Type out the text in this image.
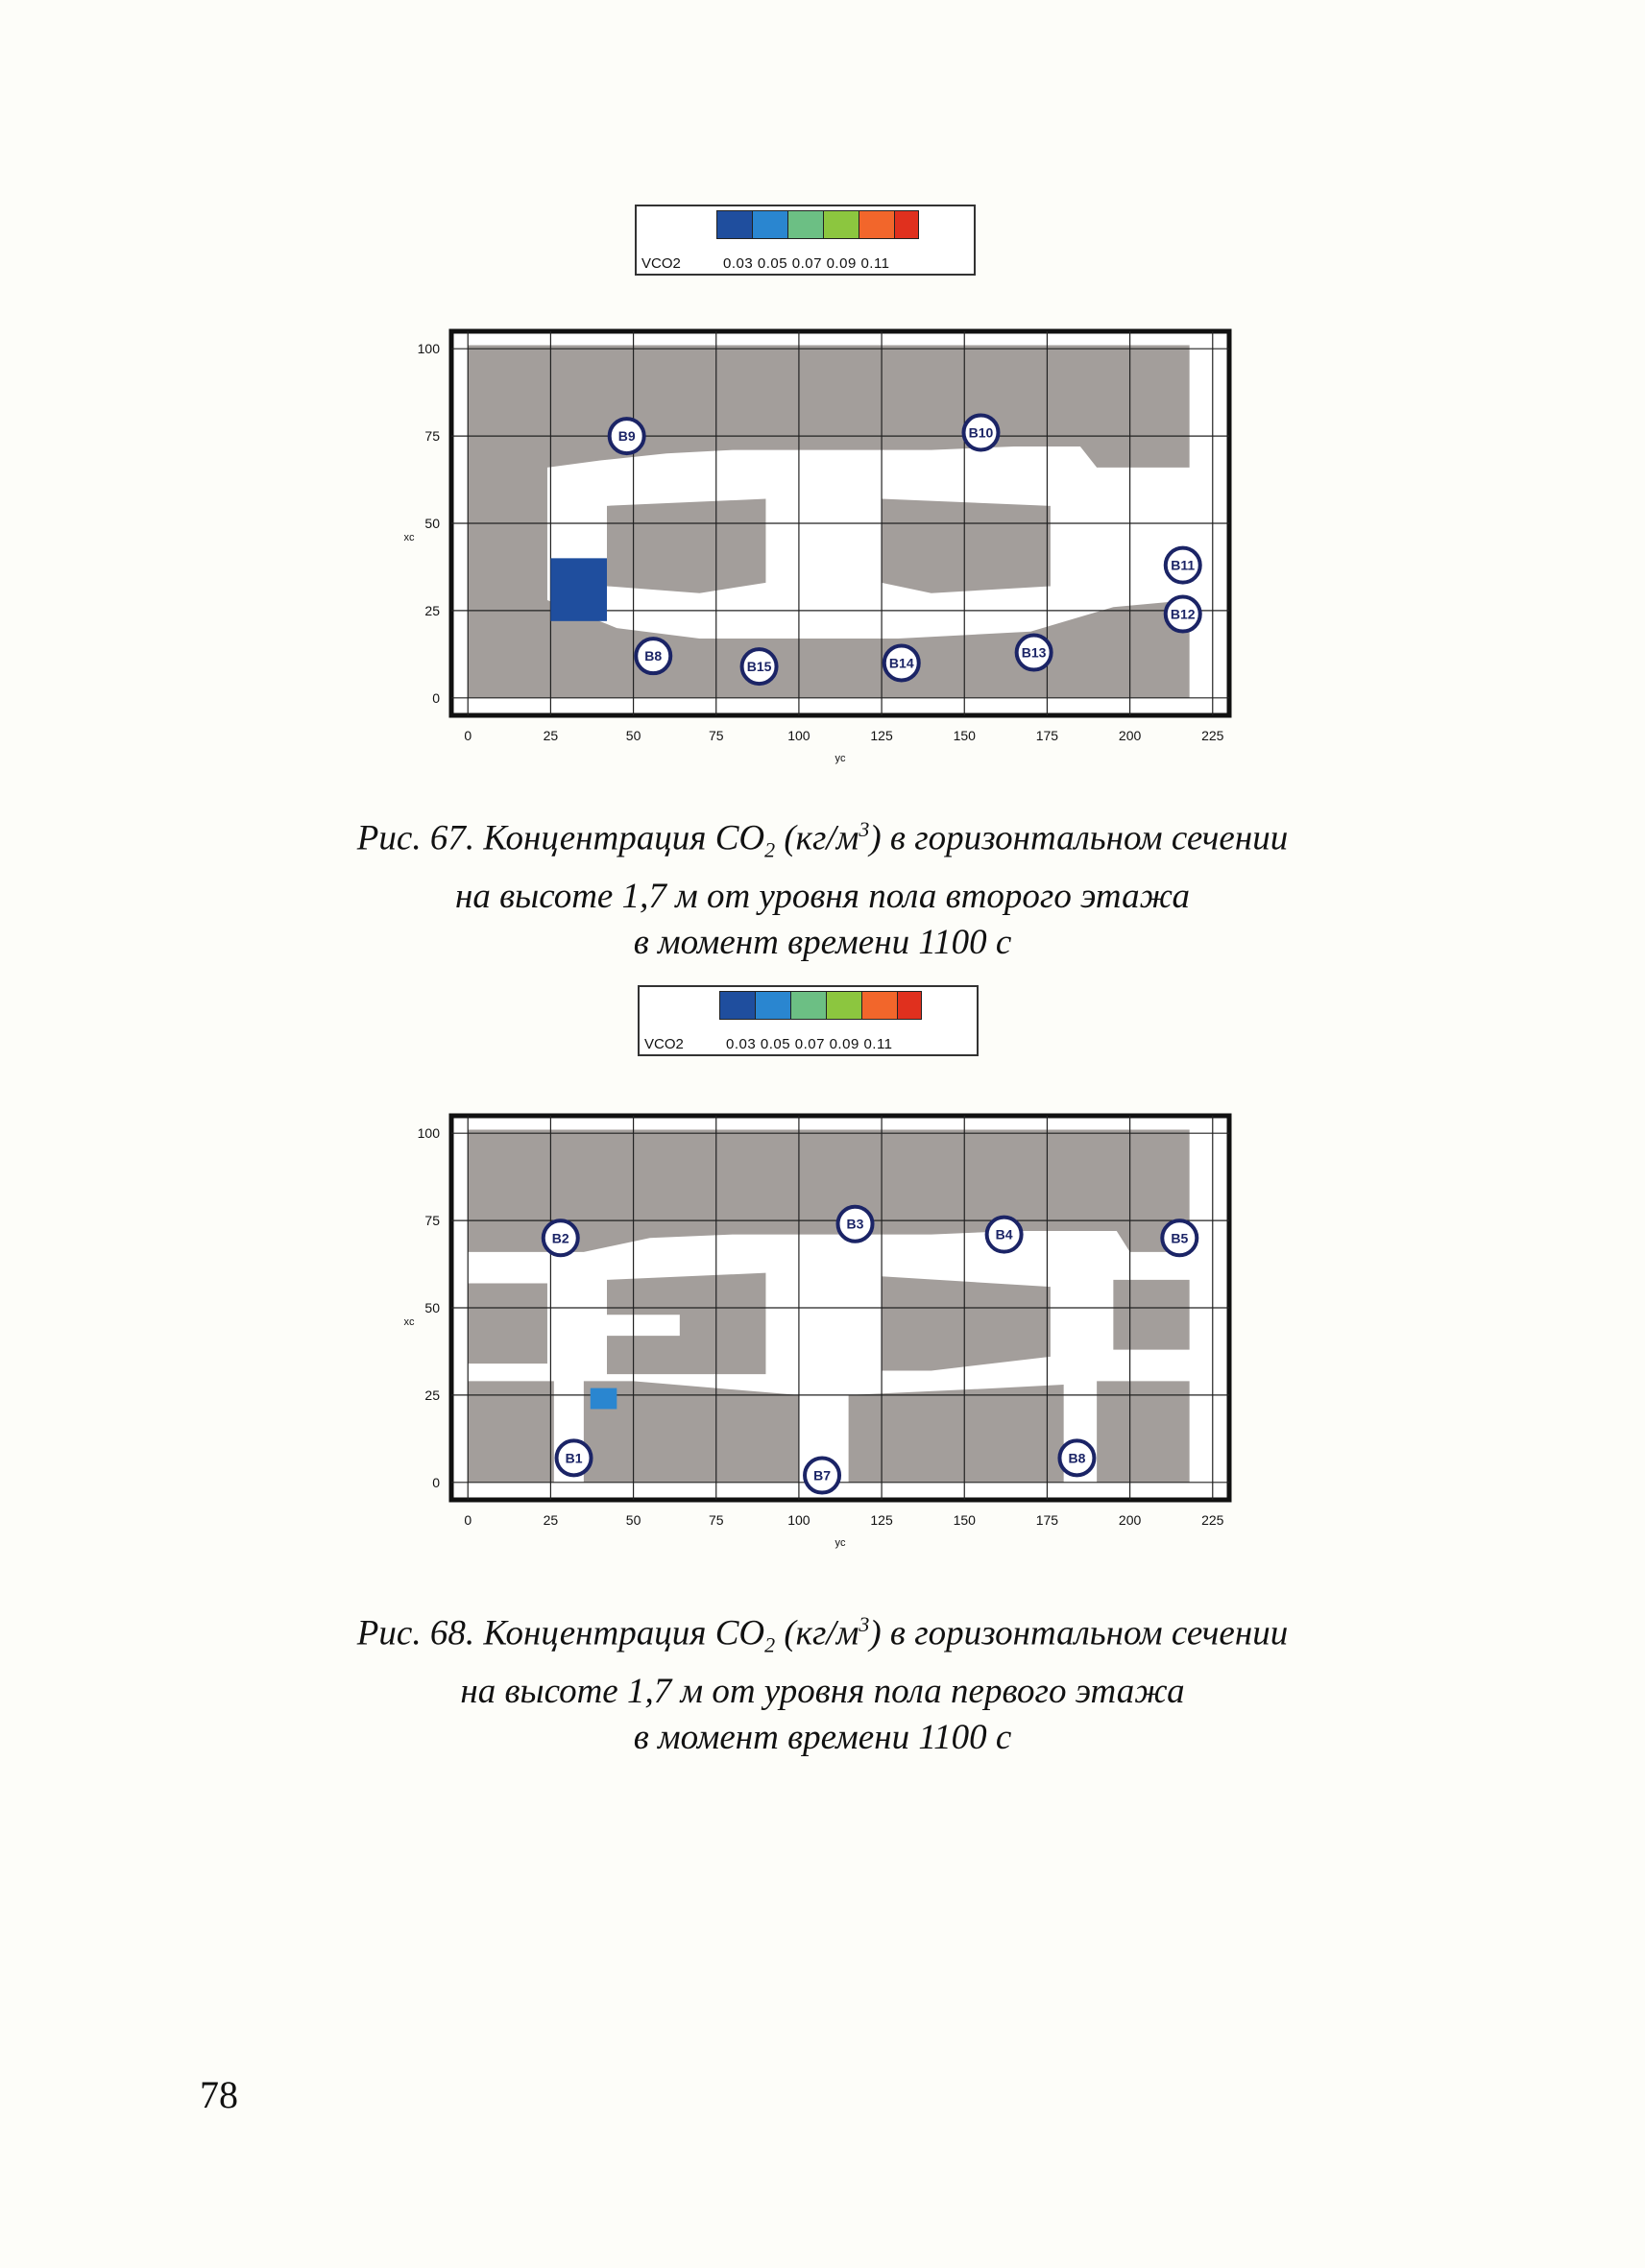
VCO2	0.03 0.05 0.07 0.09 0.11
0	25	50	75	100	125	150	175	200	225
100
75
50
25
0
yc
xc
B9	B10
B11
B12
B8
B15	B14
B13
Рис. 67. Концентрация $CO_2$ $(кг/м^3)$ в горизонтальном сечении
на высоте 1,7 м от уровня пола второго этажа
в момент времени 1100 с
VCO2	0.03 0.05 0.07 0.09 0.11
0	25	50	75	100	125	150	175	200	225
100
75
50
25
0
yc
xc
B2
B3
B4	B5
B1
B7
B8
Рис. 68. Концентрация $CO_2$ $(кг/м^3)$ в горизонтальном сечении
на высоте 1,7 м от уровня пола первого этажа
в момент времени 1100 с
78
